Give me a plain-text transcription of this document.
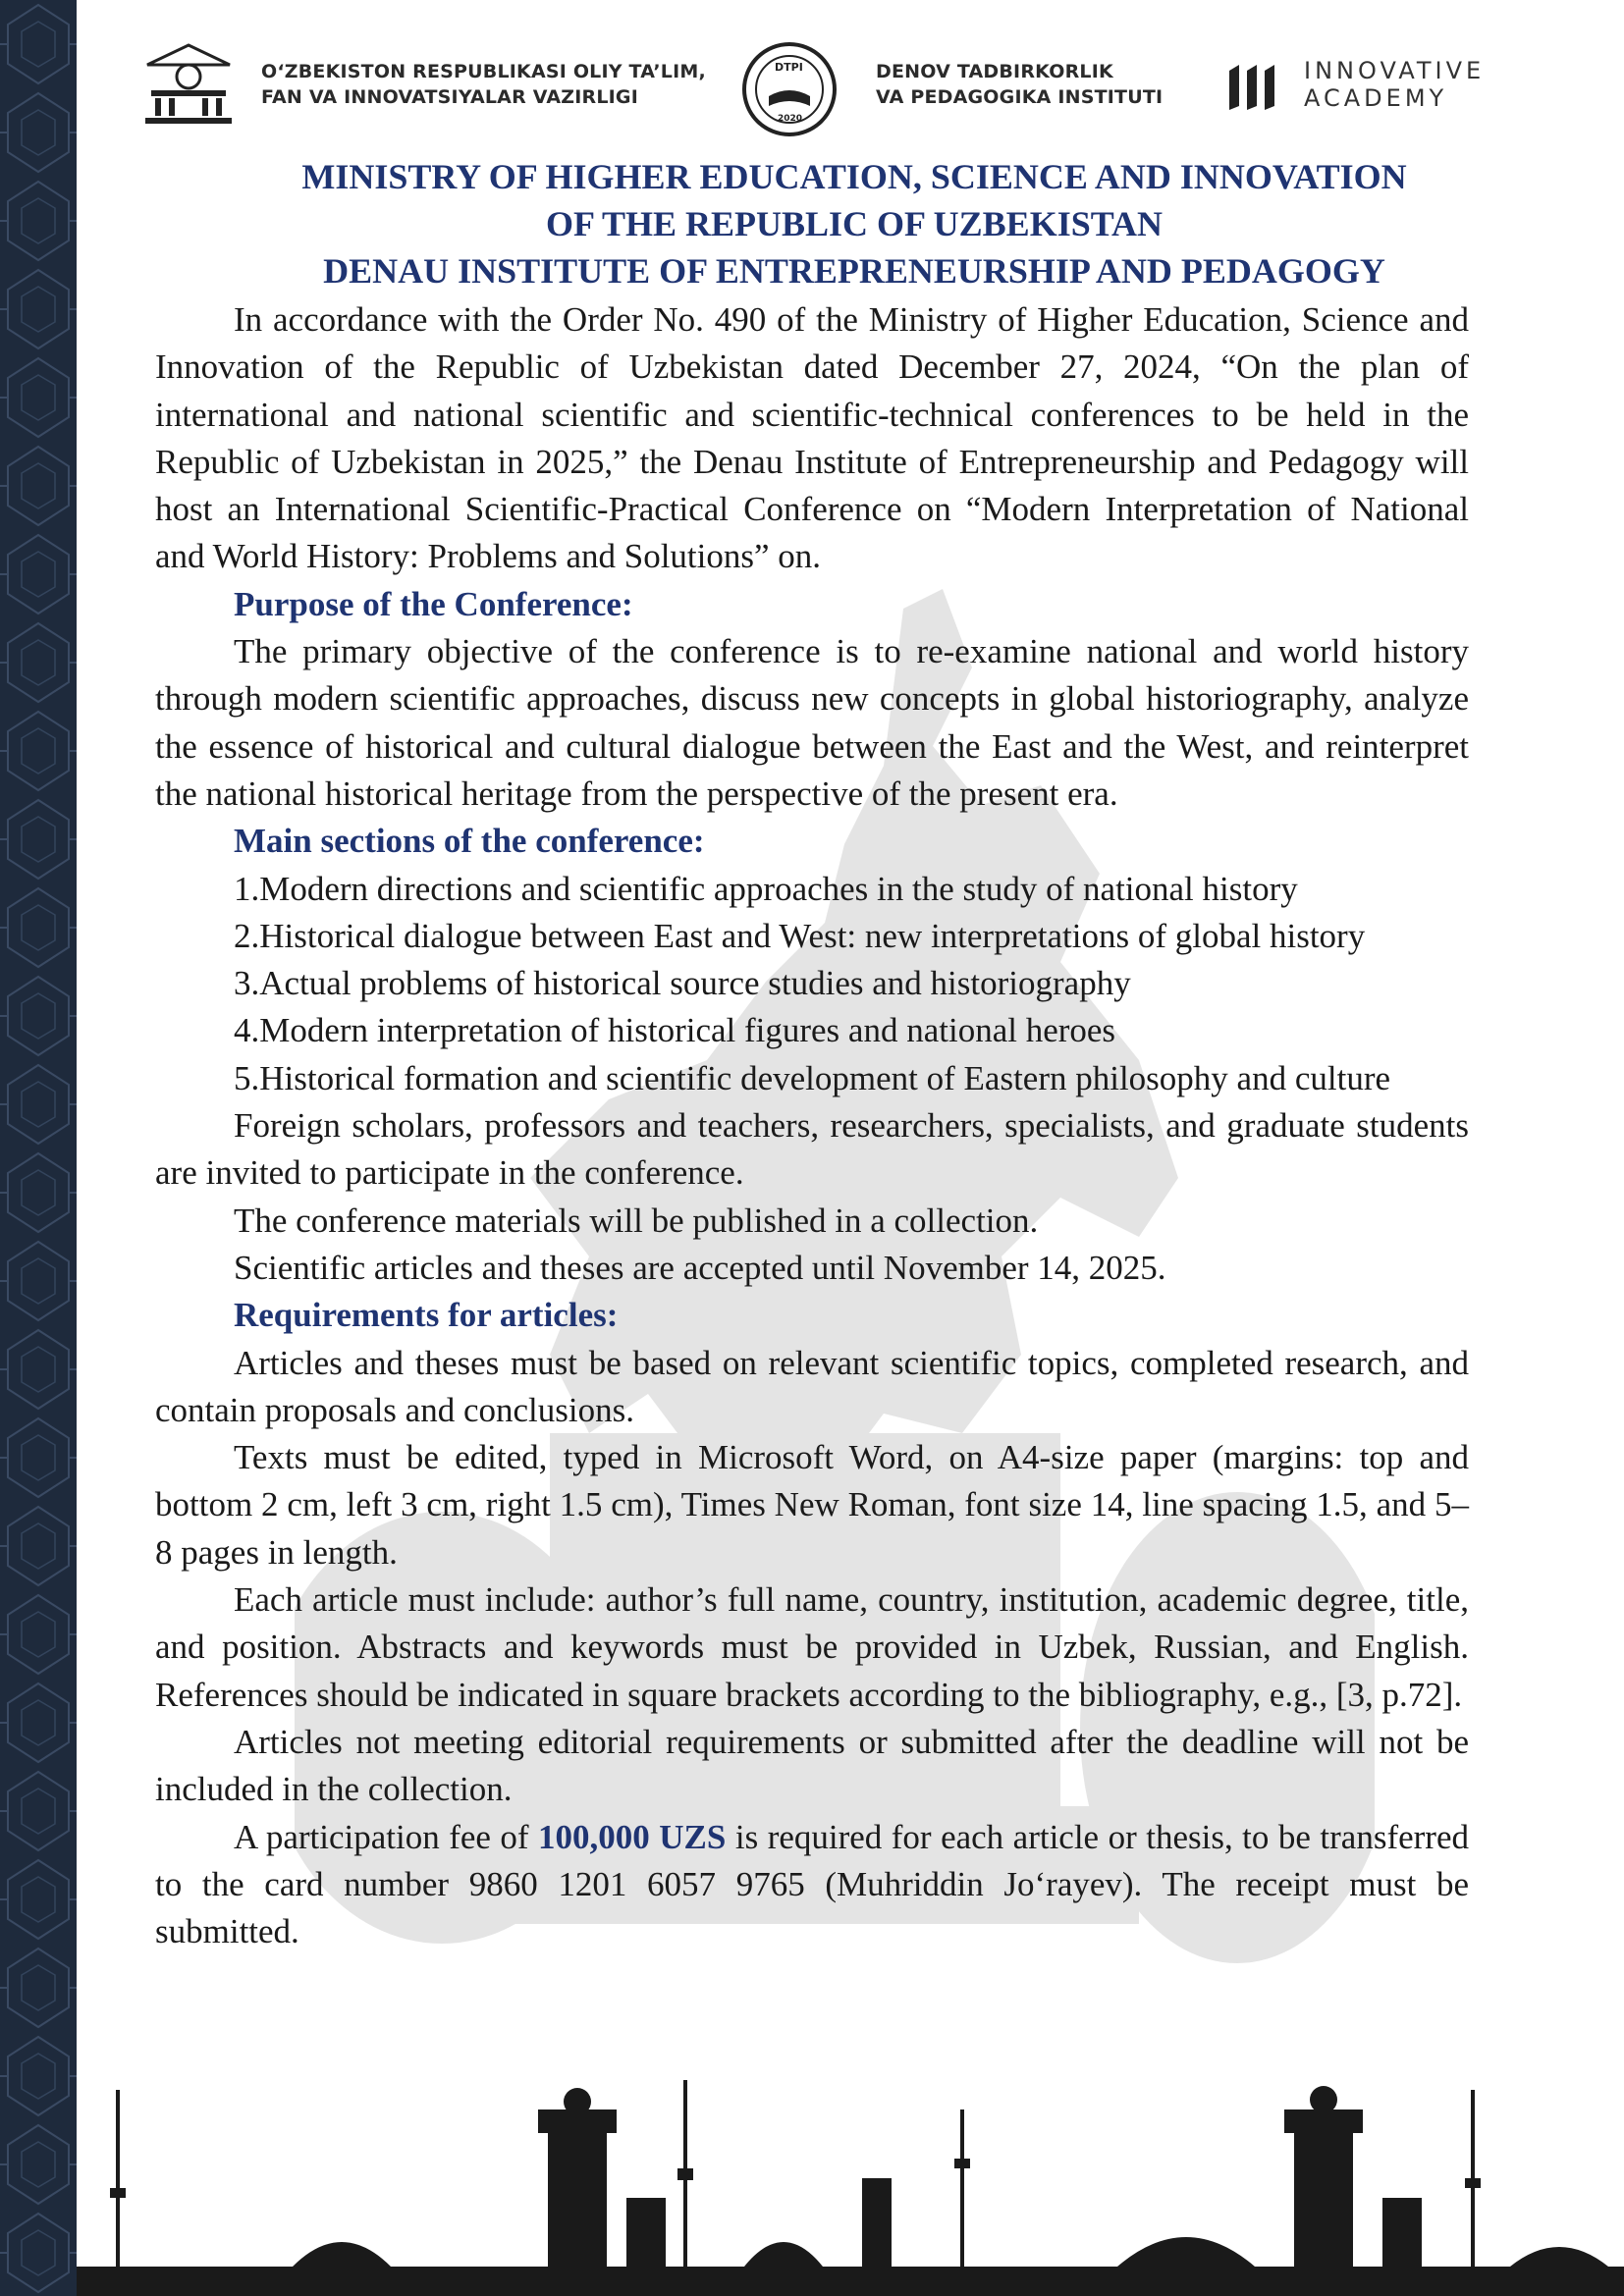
O‘ZBEKISTON RESPUBLIKASI OLIY TA’LIM,
FAN VA INNOVATSIYALAR VAZIRLIGI
DTPI
2020
DENOV TADBIRKORLIK
VA PEDAGOGIKA INSTITUTI
INNOVATIVE
ACADEMY
MINISTRY OF HIGHER EDUCATION, SCIENCE AND INNOVATION
OF THE REPUBLIC OF UZBEKISTAN
DENAU INSTITUTE OF ENTREPRENEURSHIP AND PEDAGOGY

In accordance with the Order No. 490 of the Ministry of Higher Education, Science and Innovation of the Republic of Uzbekistan dated December 27, 2024, “On the plan of international and national scientific and scientific-technical conferences to be held in the Republic of Uzbekistan in 2025,” the Denau Institute of Entrepreneurship and Pedagogy will host an International Scientific-Practical Conference on “Modern Interpretation of National and World History: Problems and Solutions” on.

Purpose of the Conference:

The primary objective of the conference is to re-examine national and world history through modern scientific approaches, discuss new concepts in global historiography, analyze the essence of historical and cultural dialogue between the East and the West, and reinterpret the national historical heritage from the perspective of the present era.

Main sections of the conference:

1.Modern directions and scientific approaches in the study of national history

2.Historical dialogue between East and West: new interpretations of global history

3.Actual problems of historical source studies and historiography

4.Modern interpretation of historical figures and national heroes

5.Historical formation and scientific development of Eastern philosophy and culture

Foreign scholars, professors and teachers, researchers, specialists, and graduate students are invited to participate in the conference.

The conference materials will be published in a collection.

Scientific articles and theses are accepted until November 14, 2025.

Requirements for articles:

Articles and theses must be based on relevant scientific topics, completed research, and contain proposals and conclusions.

Texts must be edited, typed in Microsoft Word, on A4-size paper (margins: top and bottom 2 cm, left 3 cm, right 1.5 cm), Times New Roman, font size 14, line spacing 1.5, and 5–8 pages in length.

Each article must include: author’s full name, country, institution, academic degree, title, and position. Abstracts and keywords must be provided in Uzbek, Russian, and English. References should be indicated in square brackets according to the bibliography, e.g., [3, p.72].

Articles not meeting editorial requirements or submitted after the deadline will not be included in the collection.

A participation fee of 100,000 UZS is required for each article or thesis, to be transferred to the card number 9860 1201 6057 9765 (Muhriddin Jo‘rayev). The receipt must be submitted.
